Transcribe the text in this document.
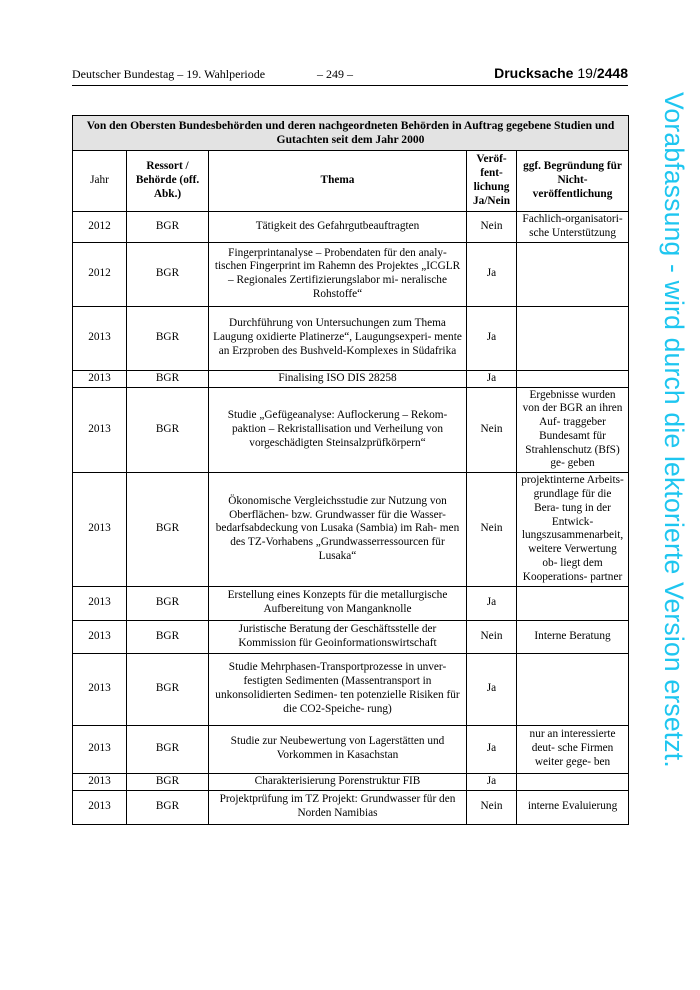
Deutscher Bundestag – 19. Wahlperiode	– 249 –	Drucksache 19/2448
Von den Obersten Bundesbehörden und deren nachgeordneten Behörden in Auftrag gegebene Studien und Gutachten seit dem Jahr 2000				
Jahr	Ressort / Behörde (off. Abk.)	Thema	Veröf- fent- lichung Ja/Nein	ggf. Begründung für Nicht- veröffentlichung
2012	BGR	Tätigkeit des Gefahrgutbeauftragten	Nein	Fachlich-organisatori- sche Unterstützung
2012	BGR	Fingerprintanalyse – Probendaten für den analy- tischen Fingerprint im Rahemn des Projektes „ICGLR – Regionales Zertifizierungslabor mi- neralische Rohstoffe“	Ja	
2013	BGR	Durchführung von Untersuchungen zum Thema Laugung oxidierte Platinerze“, Laugungsexperi- mente an Erzproben des Bushveld-Komplexes in Südafrika	Ja	
2013	BGR	Finalising ISO DIS 28258	Ja	
2013	BGR	Studie „Gefügeanalyse: Auflockerung – Rekom- paktion – Rekristallisation und Verheilung von vorgeschädigten Steinsalzprüfkörpern“	Nein	Ergebnisse wurden von der BGR an ihren Auf- traggeber Bundesamt für Strahlenschutz (BfS) ge- geben
2013	BGR	Ökonomische Vergleichsstudie zur Nutzung von Oberflächen- bzw. Grundwasser für die Wasser- bedarfsabdeckung von Lusaka (Sambia) im Rah- men des TZ-Vorhabens „Grundwasserressourcen für Lusaka“	Nein	projektinterne Arbeits- grundlage für die Bera- tung in der Entwick- lungszusammenarbeit, weitere Verwertung ob- liegt dem Kooperations- partner
2013	BGR	Erstellung eines Konzepts für die metallurgische Aufbereitung von Manganknolle	Ja	
2013	BGR	Juristische Beratung der Geschäftsstelle der Kommission für Geoinformationswirtschaft	Nein	Interne Beratung
2013	BGR	Studie Mehrphasen-Transportprozesse in unver- festigten Sedimenten (Massentransport in unkonsolidierten Sedimen- ten potenzielle Risiken für die CO2-Speiche- rung)	Ja	
2013	BGR	Studie zur Neubewertung von Lagerstätten und Vorkommen in Kasachstan	Ja	nur an interessierte deut- sche Firmen weiter gege- ben
2013	BGR	Charakterisierung Porenstruktur FIB	Ja	
2013	BGR	Projektprüfung im TZ Projekt: Grundwasser für den Norden Namibias	Nein	interne Evaluierung
Vorabfassung - wird durch die lektorierte Version ersetzt.
